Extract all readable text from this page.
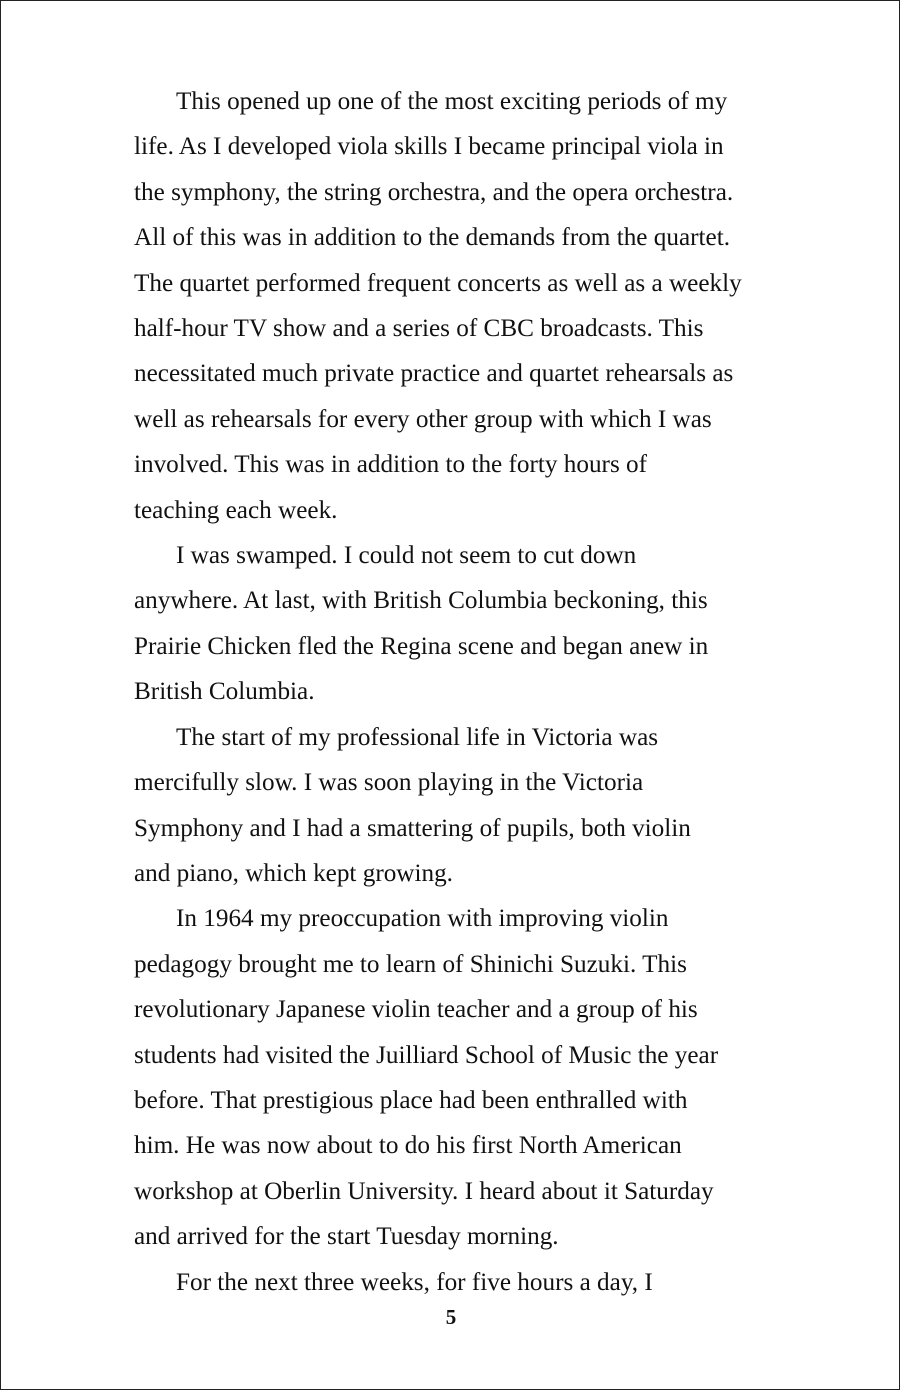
This opened up one of the most exciting periods of my
life. As I developed viola skills I became principal viola in
the symphony, the string orchestra, and the opera orchestra.
All of this was in addition to the demands from the quartet.
The quartet performed frequent concerts as well as a weekly
half-hour TV show and a series of CBC broadcasts. This
necessitated much private practice and quartet rehearsals as
well as rehearsals for every other group with which I was
involved. This was in addition to the forty hours of
teaching each week.
I was swamped. I could not seem to cut down
anywhere. At last, with British Columbia beckoning, this
Prairie Chicken fled the Regina scene and began anew in
British Columbia.
The start of my professional life in Victoria was
mercifully slow. I was soon playing in the Victoria
Symphony and I had a smattering of pupils, both violin
and piano, which kept growing.
In 1964 my preoccupation with improving violin
pedagogy brought me to learn of Shinichi Suzuki. This
revolutionary Japanese violin teacher and a group of his
students had visited the Juilliard School of Music the year
before. That prestigious place had been enthralled with
him. He was now about to do his first North American
workshop at Oberlin University. I heard about it Saturday
and arrived for the start Tuesday morning.
For the next three weeks, for five hours a day, I
5
